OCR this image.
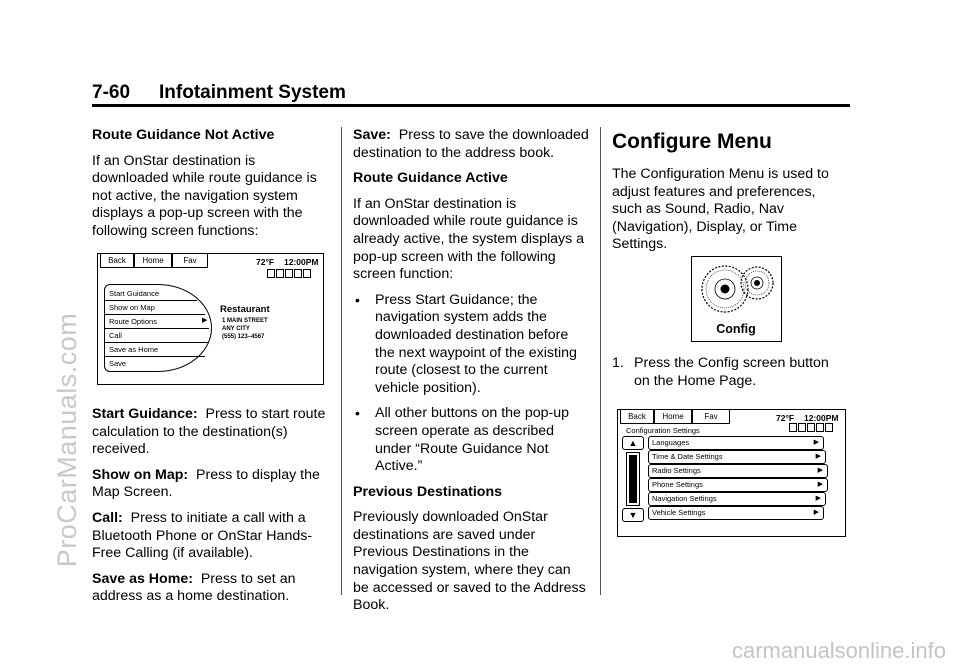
ProCarManuals.com
carmanualsonline.info
7-60 Infotainment System
Route Guidance Not Active
If an OnStar destination is downloaded while route guidance is not active, the navigation system displays a pop-up screen with the following screen functions:
Start Guidance: Press to start route calculation to the destination(s) received.
Show on Map: Press to display the Map Screen.
Call: Press to initiate a call with a Bluetooth Phone or OnStar Hands-Free Calling (if available).
Save as Home: Press to set an address as a home destination.
Back	Home	Fav	72°F 12:00PM
Start Guidance
Show on Map
Route Options	▶
Call
Save as Home
Save
Restaurant
1 MAIN STREET
ANY CITY
(555) 123–4567
Save: Press to save the downloaded destination to the address book.
Route Guidance Active
If an OnStar destination is downloaded while route guidance is already active, the system displays a pop-up screen with the following screen function:
• Press Start Guidance; the navigation system adds the downloaded destination before the next waypoint of the existing route (closest to the current vehicle position).
• All other buttons on the pop-up screen operate as described under “Route Guidance Not Active.”
Previous Destinations
Previously downloaded OnStar destinations are saved under Previous Destinations in the navigation system, where they can be accessed or saved to the Address Book.
Configure Menu
The Configuration Menu is used to adjust features and preferences, such as Sound, Radio, Nav (Navigation), Display, or Time Settings.
Config
1. Press the Config screen button on the Home Page.
Back	Home	Fav	72°F 12:00PM
Configuration Settings
▲
▼
Languages	▶
Time & Date Settings	▶
Radio Settings	▶
Phone Settings	▶
Navigation Settings	▶
Vehicle Settings	▶
